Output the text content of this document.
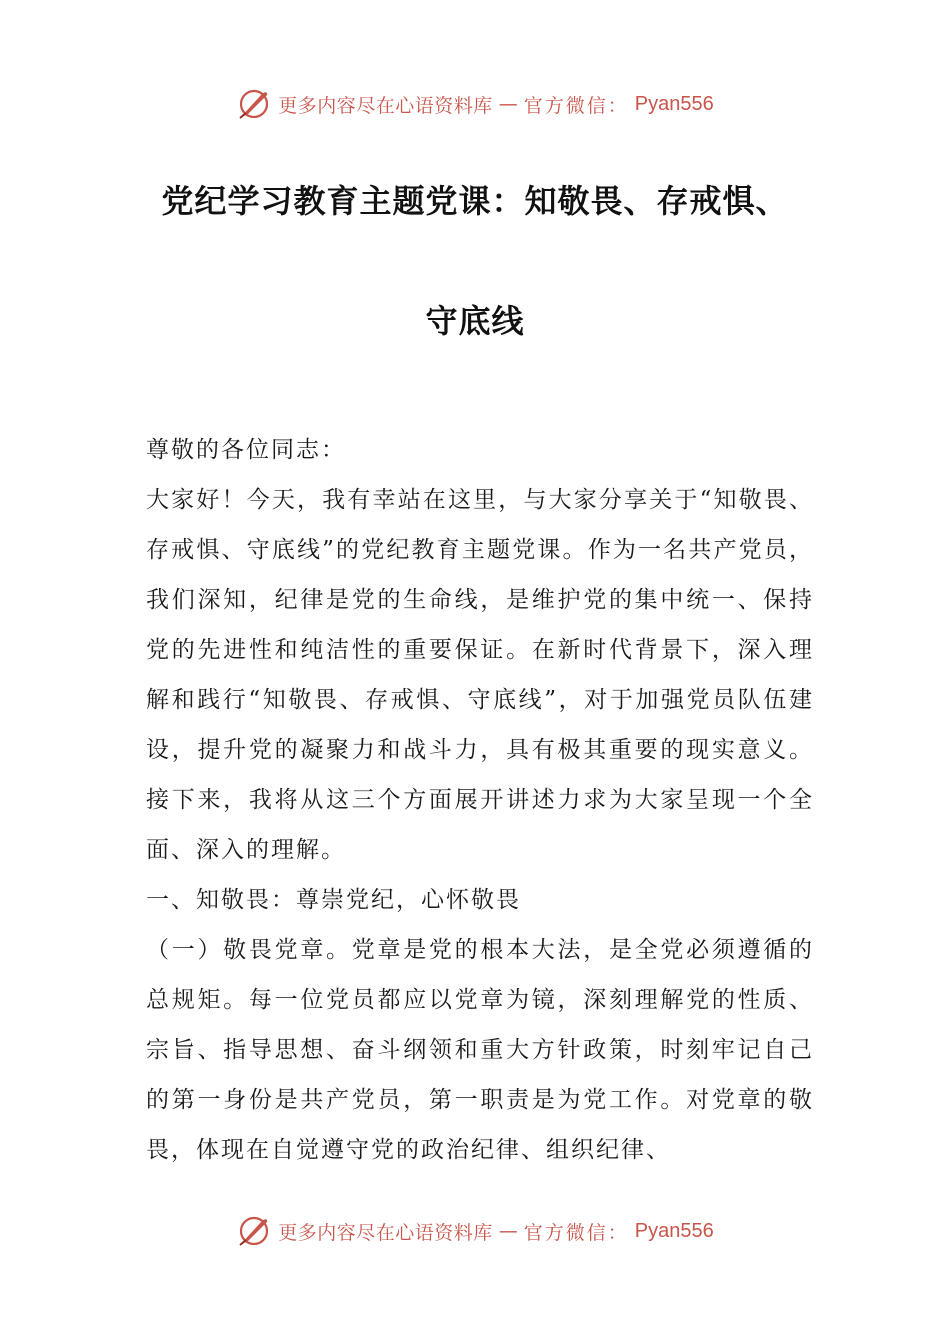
更多内容尽在心语资料库 — 官方微信： Pyan556
党纪学习教育主题党课：知敬畏、存戒惧、
守底线

尊敬的各位同志：

大家好！今天，我有幸站在这里，与大家分享关于“知敬畏、存戒惧、守底线”的党纪教育主题党课。作为一名共产党员，我们深知，纪律是党的生命线，是维护党的集中统一、保持党的先进性和纯洁性的重要保证。在新时代背景下，深入理解和践行“知敬畏、存戒惧、守底线”，对于加强党员队伍建设，提升党的凝聚力和战斗力，具有极其重要的现实意义。接下来，我将从这三个方面展开讲述力求为大家呈现一个全面、深入的理解。

一、知敬畏：尊崇党纪，心怀敬畏

（一）敬畏党章。党章是党的根本大法，是全党必须遵循的总规矩。每一位党员都应以党章为镜，深刻理解党的性质、宗旨、指导思想、奋斗纲领和重大方针政策，时刻牢记自己的第一身份是共产党员，第一职责是为党工作。对党章的敬畏，体现在自觉遵守党的政治纪律、组织纪律、

更多内容尽在心语资料库 — 官方微信： Pyan556
